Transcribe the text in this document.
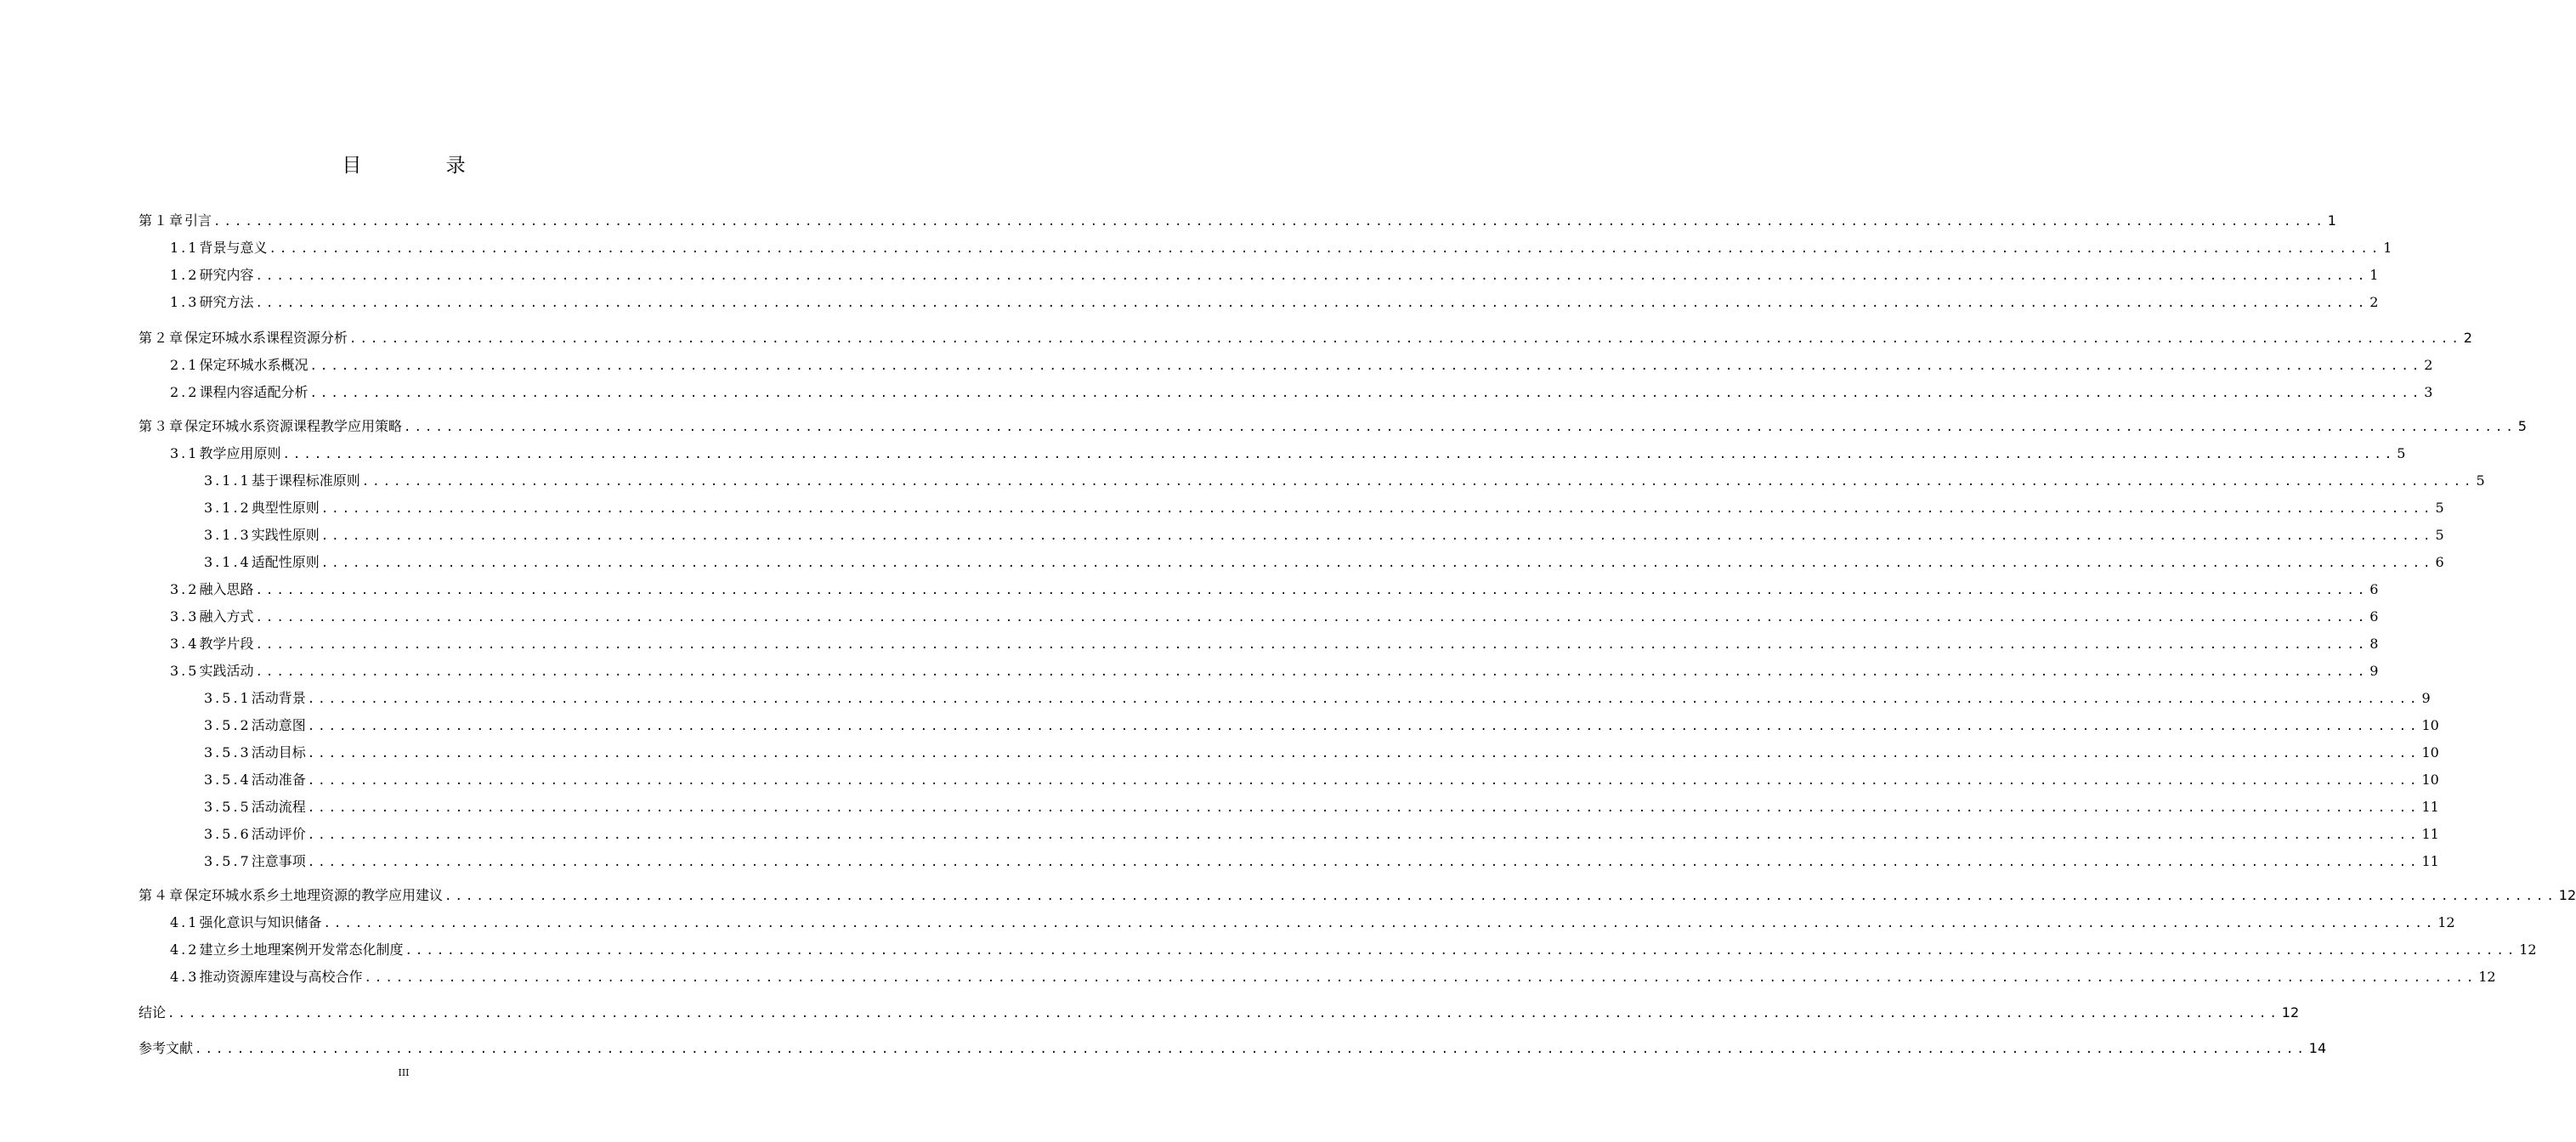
目 录
第１章 引言 ........................................................................................................................................................................................................ 1
1.1 背景与意义 ........................................................................................................................................................................................................ 1
1.2 研究内容 ........................................................................................................................................................................................................ 1
1.3 研究方法 ........................................................................................................................................................................................................ 2
第２章 保定环城水系课程资源分析 ........................................................................................................................................................................................................ 2
2.1 保定环城水系概况 ........................................................................................................................................................................................................ 2
2.2 课程内容适配分析 ........................................................................................................................................................................................................ 3
第３章 保定环城水系资源课程教学应用策略 ........................................................................................................................................................................................................ 5
3.1 教学应用原则 ........................................................................................................................................................................................................ 5
3.1.1 基于课程标准原则 ........................................................................................................................................................................................................ 5
3.1.2 典型性原则 ........................................................................................................................................................................................................ 5
3.1.3 实践性原则 ........................................................................................................................................................................................................ 5
3.1.4 适配性原则 ........................................................................................................................................................................................................ 6
3.2 融入思路 ........................................................................................................................................................................................................ 6
3.3 融入方式 ........................................................................................................................................................................................................ 6
3.4 教学片段 ........................................................................................................................................................................................................ 8
3.5 实践活动 ........................................................................................................................................................................................................ 9
3.5.1 活动背景 ........................................................................................................................................................................................................ 9
3.5.2 活动意图 ........................................................................................................................................................................................................ 10
3.5.3 活动目标 ........................................................................................................................................................................................................ 10
3.5.4 活动准备 ........................................................................................................................................................................................................ 10
3.5.5 活动流程 ........................................................................................................................................................................................................ 11
3.5.6 活动评价 ........................................................................................................................................................................................................ 11
3.5.7 注意事项 ........................................................................................................................................................................................................ 11
第４章 保定环城水系乡土地理资源的教学应用建议 ........................................................................................................................................................................................................ 12
4.1 强化意识与知识储备 ........................................................................................................................................................................................................ 12
4.2 建立乡土地理案例开发常态化制度 ........................................................................................................................................................................................................ 12
4.3 推动资源库建设与高校合作 ........................................................................................................................................................................................................ 12
结论 ........................................................................................................................................................................................................ 12
参考文献 ........................................................................................................................................................................................................ 14
III
